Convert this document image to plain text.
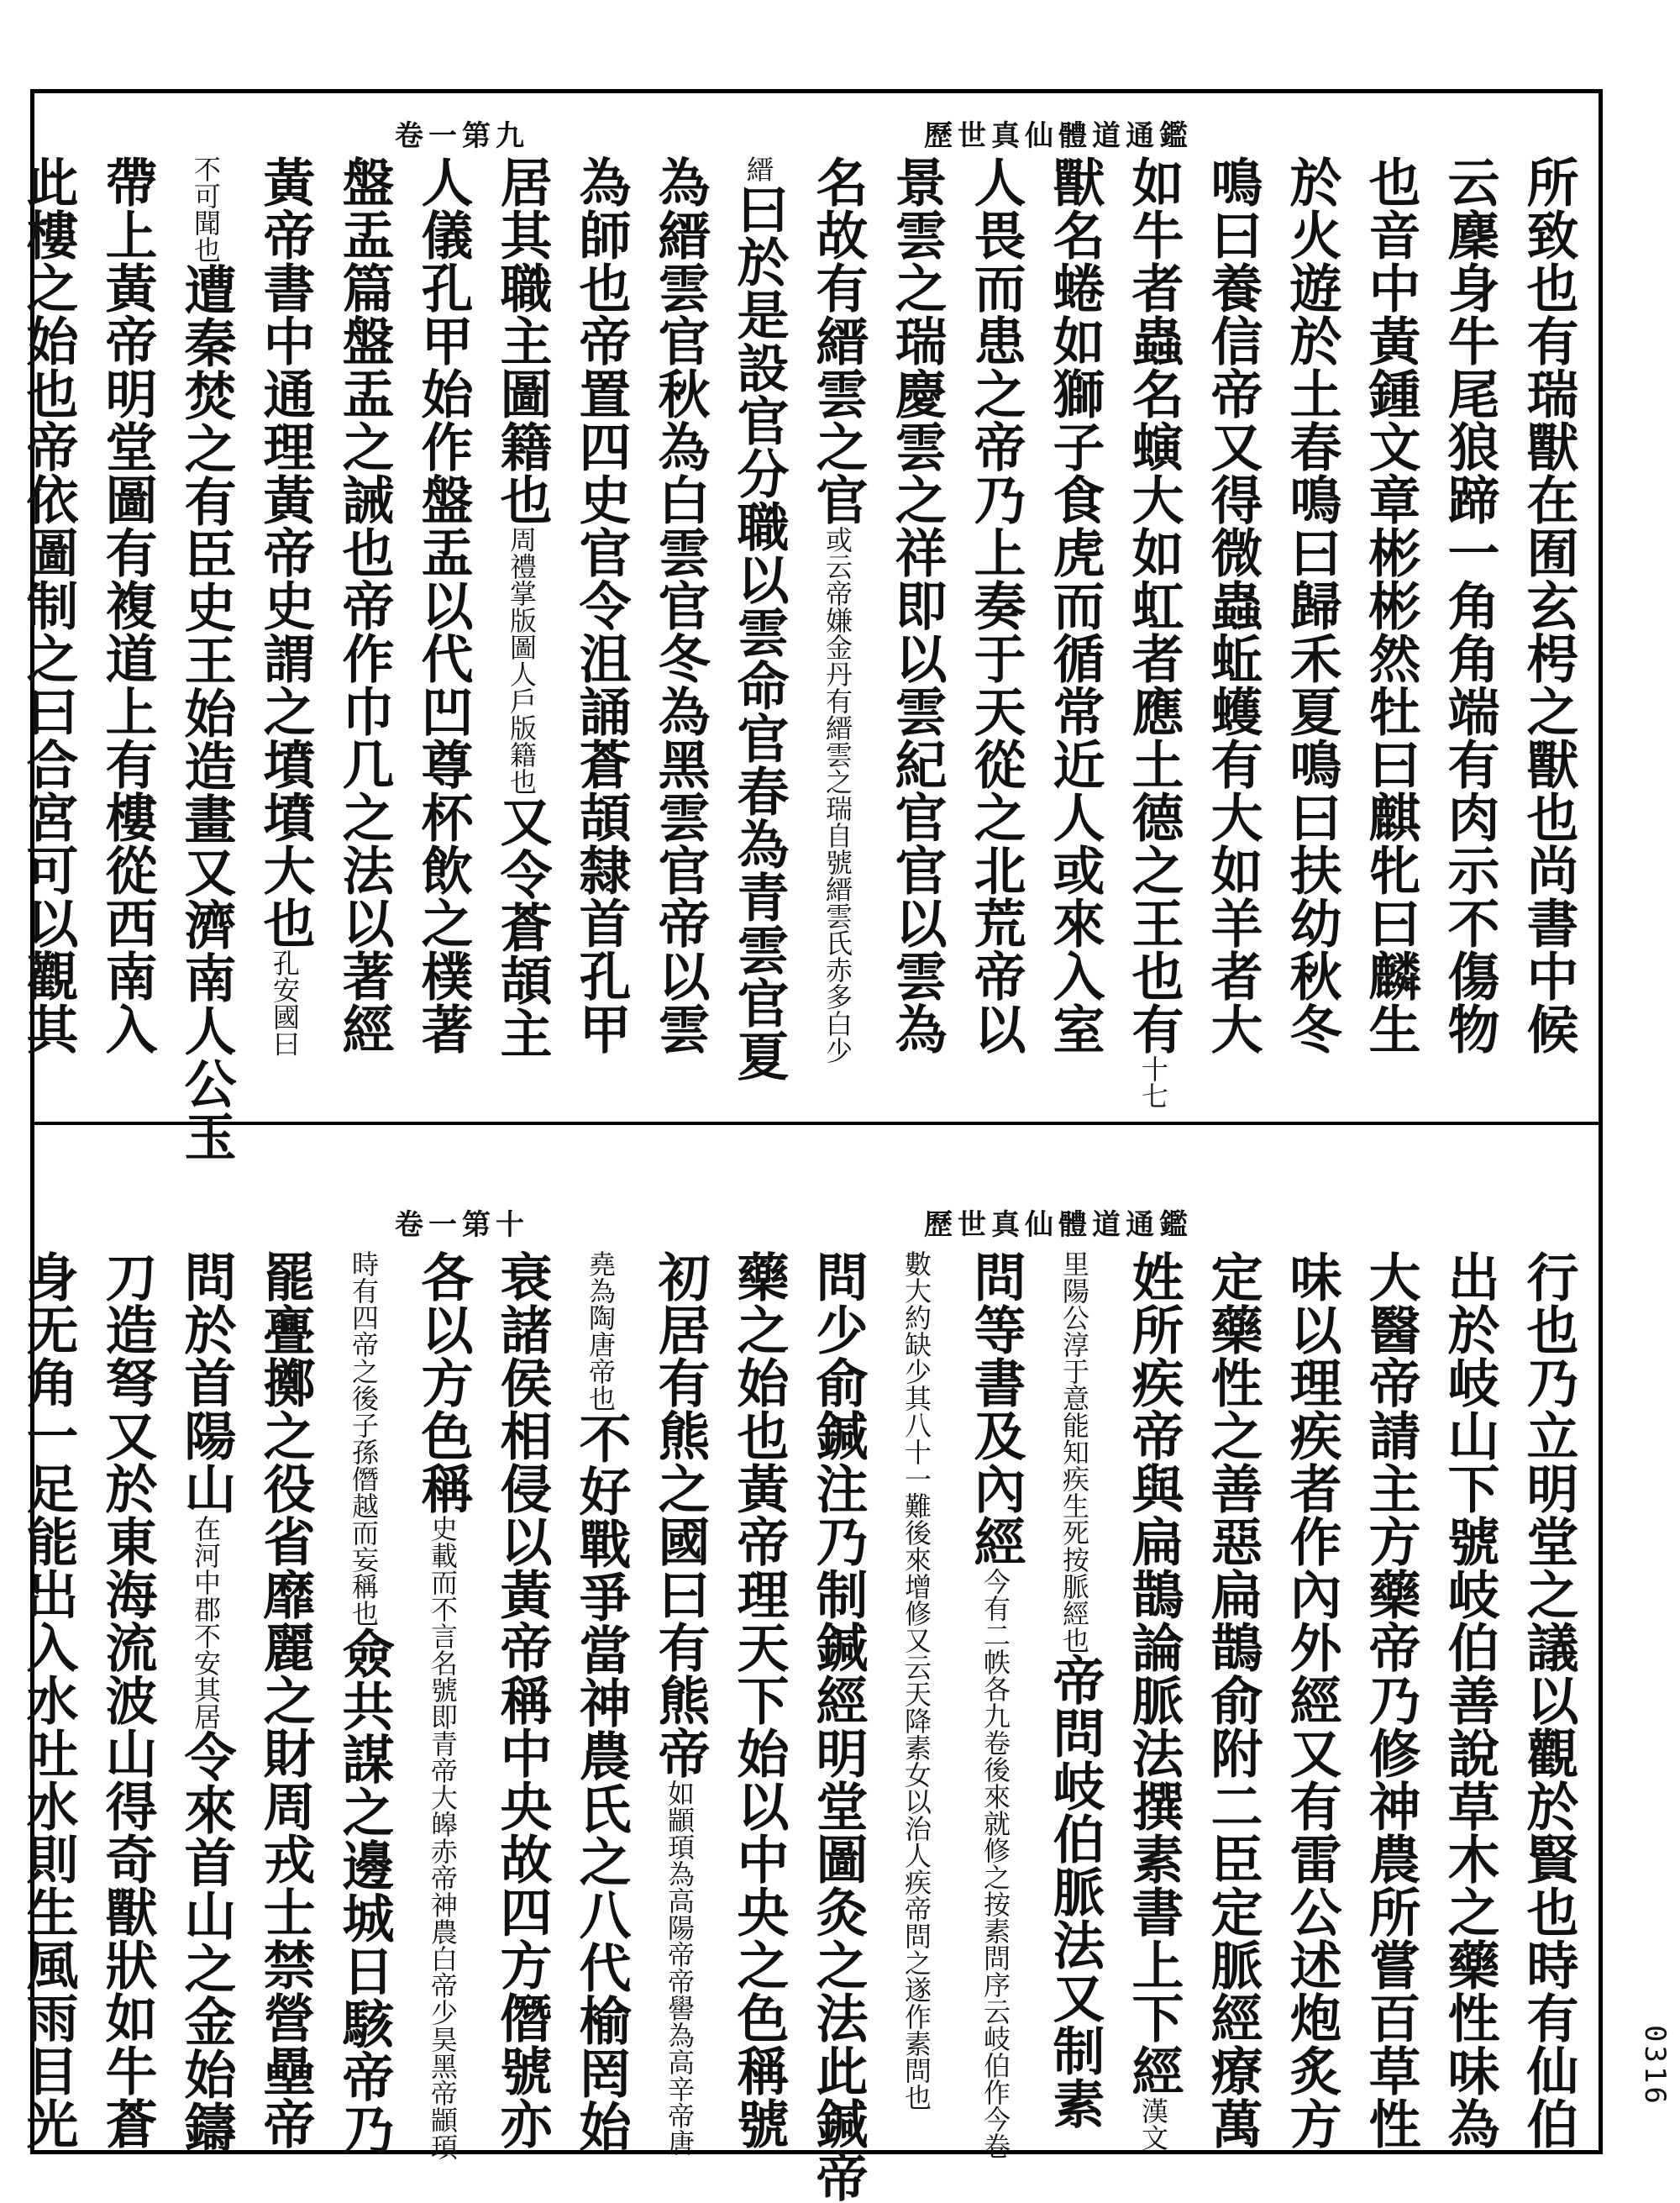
卷一第九	歷世真仙體道通鑑
所致也有瑞獸在囿玄枵之獸也尚書中候
云麇身牛尾狼蹄一角角端有肉示不傷物
也音中黃鍾文章彬彬然牡曰麒牝曰麟生
於火遊於土春鳴曰歸禾夏鳴曰扶幼秋冬
鳴曰養信帝又得微蟲蚯蠖有大如羊者大
如牛者蟲名螾大如虹者應土德之王也有十七
獸名蜷如獅子食虎而循常近人或來入室
人畏而患之帝乃上奏于天從之北荒帝以
景雲之瑞慶雲之祥即以雲紀官官以雲為
名故有縉雲之官或云帝嫌金丹有縉雲之瑞自號縉雲氏赤多白少
縉曰於是設官分職以雲命官春為青雲官夏
為縉雲官秋為白雲官冬為黑雲官帝以雲
為師也帝置四史官令沮誦蒼頡隸首孔甲
居其職主圖籍也周禮掌版圖人戶版籍也又令蒼頡主
人儀孔甲始作盤盂以代凹尊杯飲之樸著
盤盂篇盤盂之誡也帝作巾几之法以著經
黃帝書中通理黃帝史謂之墳墳大也孔安國曰
不可聞也遭秦焚之有臣史王始造畫又濟南人公玉
帶上黃帝明堂圖有複道上有樓從西南入
此樓之始也帝依圖制之曰合宮可以觀其
卷一第十	歷世真仙體道通鑑
行也乃立明堂之議以觀於賢也時有仙伯
出於岐山下號岐伯善說草木之藥性味為
大醫帝請主方藥帝乃修神農所嘗百草性
味以理疾者作內外經又有雷公述炮炙方
定藥性之善惡扁鵲俞附二臣定脈經療萬
姓所疾帝與扁鵲論脈法撰素書上下經漢文
里陽公淳于意能知疾生死按脈經也帝問岐伯脈法又制素
問等書及內經今有二帙各九卷後來就修之按素問序云岐伯作今卷
數大約缺少其八十一難後來增修又云天降素女以治人疾帝問之遂作素問也
問少俞鍼注乃制鍼經明堂圖灸之法此鍼帝
藥之始也黃帝理天下始以中央之色稱號
初居有熊之國曰有熊帝如顓頊為高陽帝帝嚳為高辛帝唐
堯為陶唐帝也不好戰爭當神農氏之八代榆罔始
衰諸侯相侵以黃帝稱中央故四方僭號亦
各以方色稱史載而不言名號即青帝大皞赤帝神農白帝少昊黑帝顓頊
時有四帝之後子孫僭越而妄稱也僉共謀之邊城日駭帝乃
罷亹擲之役省靡麗之財周戎士禁營壘帝
問於首陽山在河中郡不安其居令來首山之金始鑄
刀造弩又於東海流波山得奇獸狀如牛蒼
身无角一足能出入水吐水則生風雨目光	0316
